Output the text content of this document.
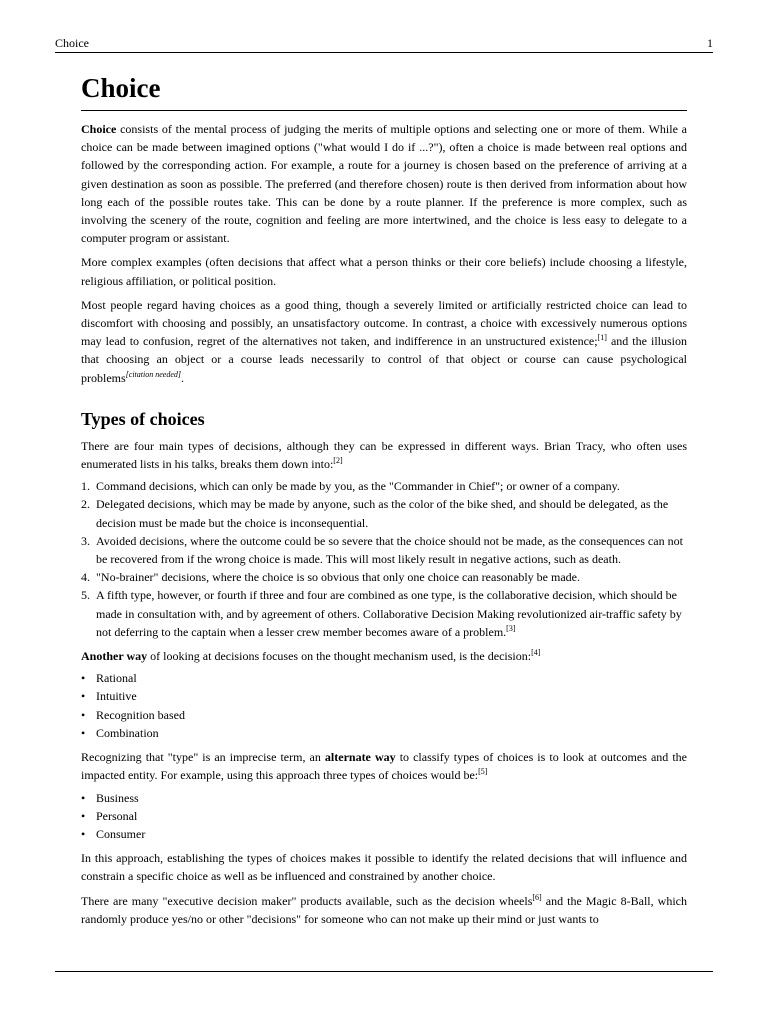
Choice	1
Choice

Choice consists of the mental process of judging the merits of multiple options and selecting one or more of them. While a choice can be made between imagined options ("what would I do if ...?"), often a choice is made between real options and followed by the corresponding action. For example, a route for a journey is chosen based on the preference of arriving at a given destination as soon as possible. The preferred (and therefore chosen) route is then derived from information about how long each of the possible routes take. This can be done by a route planner. If the preference is more complex, such as involving the scenery of the route, cognition and feeling are more intertwined, and the choice is less easy to delegate to a computer program or assistant.

More complex examples (often decisions that affect what a person thinks or their core beliefs) include choosing a lifestyle, religious affiliation, or political position.

Most people regard having choices as a good thing, though a severely limited or artificially restricted choice can lead to discomfort with choosing and possibly, an unsatisfactory outcome. In contrast, a choice with excessively numerous options may lead to confusion, regret of the alternatives not taken, and indifference in an unstructured existence;[1] and the illusion that choosing an object or a course leads necessarily to control of that object or course can cause psychological problems[citation needed].

Types of choices

There are four main types of decisions, although they can be expressed in different ways. Brian Tracy, who often uses enumerated lists in his talks, breaks them down into:[2]

1. Command decisions, which can only be made by you, as the "Commander in Chief"; or owner of a company.
2. Delegated decisions, which may be made by anyone, such as the color of the bike shed, and should be delegated, as the decision must be made but the choice is inconsequential.
3. Avoided decisions, where the outcome could be so severe that the choice should not be made, as the consequences can not be recovered from if the wrong choice is made. This will most likely result in negative actions, such as death.
4. "No-brainer" decisions, where the choice is so obvious that only one choice can reasonably be made.
5. A fifth type, however, or fourth if three and four are combined as one type, is the collaborative decision, which should be made in consultation with, and by agreement of others. Collaborative Decision Making revolutionized air-traffic safety by not deferring to the captain when a lesser crew member becomes aware of a problem.[3]

Another way of looking at decisions focuses on the thought mechanism used, is the decision:[4]

• Rational
• Intuitive
• Recognition based
• Combination

Recognizing that "type" is an imprecise term, an alternate way to classify types of choices is to look at outcomes and the impacted entity. For example, using this approach three types of choices would be:[5]

• Business
• Personal
• Consumer

In this approach, establishing the types of choices makes it possible to identify the related decisions that will influence and constrain a specific choice as well as be influenced and constrained by another choice.

There are many "executive decision maker" products available, such as the decision wheels[6] and the Magic 8-Ball, which randomly produce yes/no or other "decisions" for someone who can not make up their mind or just wants to
